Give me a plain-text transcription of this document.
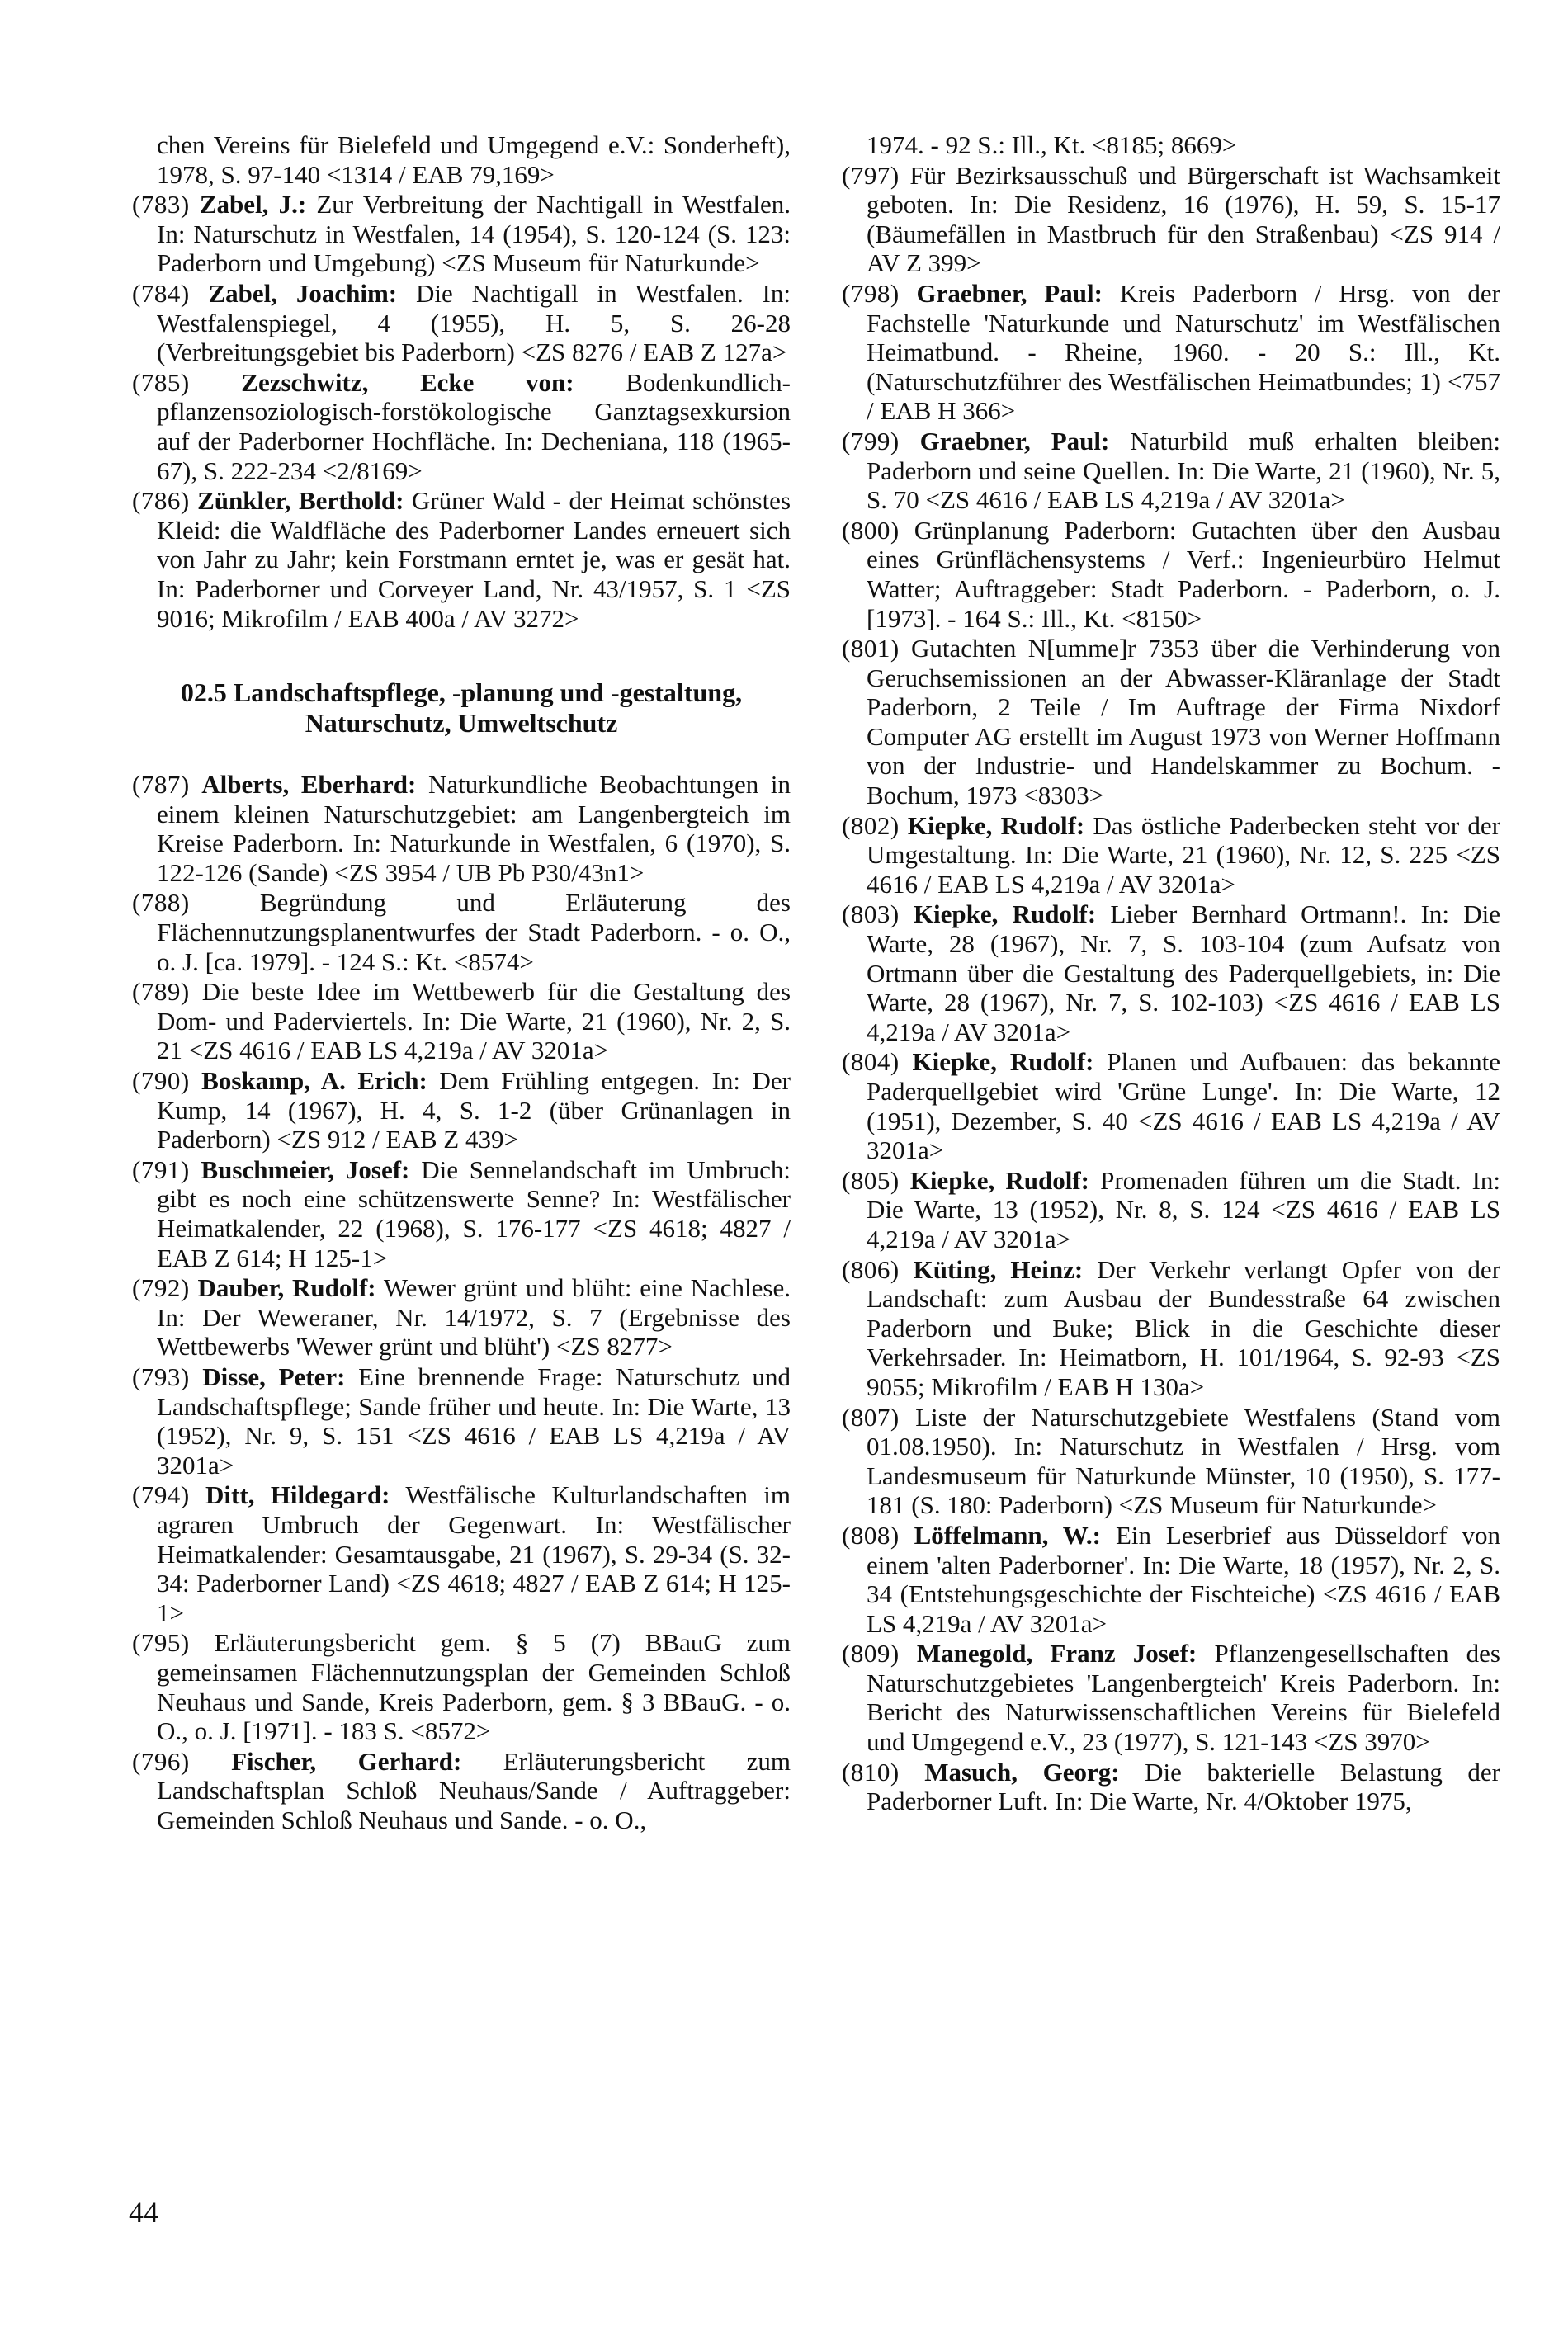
chen Vereins für Bielefeld und Umgegend e.V.: Sonderheft), 1978, S. 97-140 <1314 / EAB 79,169>

(783) Zabel, J.: Zur Verbreitung der Nachtigall in Westfalen. In: Naturschutz in Westfalen, 14 (1954), S. 120-124 (S. 123: Paderborn und Umgebung) <ZS Museum für Naturkunde>

(784) Zabel, Joachim: Die Nachtigall in Westfalen. In: Westfalenspiegel, 4 (1955), H. 5, S. 26-28 (Verbreitungsgebiet bis Paderborn) <ZS 8276 / EAB Z 127a>

(785) Zezschwitz, Ecke von: Bodenkundlich-pflanzensoziologisch-forstökologische Ganztagsexkursion auf der Paderborner Hochfläche. In: Decheniana, 118 (1965-67), S. 222-234 <2/8169>

(786) Zünkler, Berthold: Grüner Wald - der Heimat schönstes Kleid: die Waldfläche des Paderborner Landes erneuert sich von Jahr zu Jahr; kein Forstmann erntet je, was er gesät hat. In: Paderborner und Corveyer Land, Nr. 43/1957, S. 1 <ZS 9016; Mikrofilm / EAB 400a / AV 3272>

02.5 Landschaftspflege, -planung und -gestaltung,
Naturschutz, Umweltschutz

(787) Alberts, Eberhard: Naturkundliche Beobachtungen in einem kleinen Naturschutzgebiet: am Langenbergteich im Kreise Paderborn. In: Naturkunde in Westfalen, 6 (1970), S. 122-126 (Sande) <ZS 3954 / UB Pb P30/43n1>

(788)	Begründung und Erläuterung des Flächennutzungsplanentwurfes der Stadt Paderborn. - o. O., o. J. [ca. 1979]. - 124 S.: Kt. <8574>

(789) Die beste Idee im Wettbewerb für die Gestaltung des Dom- und Paderviertels. In: Die Warte, 21 (1960), Nr. 2, S. 21 <ZS 4616 / EAB LS 4,219a / AV 3201a>

(790) Boskamp, A. Erich: Dem Frühling entgegen. In: Der Kump, 14 (1967), H. 4, S. 1-2 (über Grünanlagen in Paderborn) <ZS 912 / EAB Z 439>

(791) Buschmeier, Josef: Die Sennelandschaft im Umbruch: gibt es noch eine schützenswerte Senne? In: Westfälischer Heimatkalender, 22 (1968), S. 176-177 <ZS 4618; 4827 / EAB Z 614; H 125-1>

(792) Dauber, Rudolf: Wewer grünt und blüht: eine Nachlese. In: Der Weweraner, Nr. 14/1972, S. 7 (Ergebnisse des Wettbewerbs 'Wewer grünt und blüht') <ZS 8277>

(793) Disse, Peter: Eine brennende Frage: Naturschutz und Landschaftspflege; Sande früher und heute. In: Die Warte, 13 (1952), Nr. 9, S. 151 <ZS 4616 / EAB LS 4,219a / AV 3201a>

(794) Ditt, Hildegard: Westfälische Kulturlandschaften im agraren Umbruch der Gegenwart. In: Westfälischer Heimatkalender: Gesamtausgabe, 21 (1967), S. 29-34 (S. 32-34: Paderborner Land) <ZS 4618; 4827 / EAB Z 614; H 125-1>

(795) Erläuterungsbericht gem. § 5 (7) BBauG zum gemeinsamen Flächennutzungsplan der Gemeinden Schloß Neuhaus und Sande, Kreis Paderborn, gem. § 3 BBauG. - o. O., o. J. [1971]. - 183 S. <8572>

(796) Fischer, Gerhard: Erläuterungsbericht zum Landschaftsplan Schloß Neuhaus/Sande / Auftraggeber: Gemeinden Schloß Neuhaus und Sande. - o. O.,

1974. - 92 S.: Ill., Kt. <8185; 8669>

(797) Für Bezirksausschuß und Bürgerschaft ist Wachsamkeit geboten. In: Die Residenz, 16 (1976), H. 59, S. 15-17 (Bäumefällen in Mastbruch für den Straßenbau) <ZS 914 / AV Z 399>

(798) Graebner, Paul: Kreis Paderborn / Hrsg. von der Fachstelle 'Naturkunde und Naturschutz' im Westfälischen Heimatbund. - Rheine, 1960. - 20 S.: Ill., Kt. (Naturschutzführer des Westfälischen Heimatbundes; 1) <757 / EAB H 366>

(799) Graebner, Paul: Naturbild muß erhalten bleiben: Paderborn und seine Quellen. In: Die Warte, 21 (1960), Nr. 5, S. 70 <ZS 4616 / EAB LS 4,219a / AV 3201a>

(800) Grünplanung Paderborn: Gutachten über den Ausbau eines Grünflächensystems / Verf.: Ingenieurbüro Helmut Watter; Auftraggeber: Stadt Paderborn. - Paderborn, o. J. [1973]. - 164 S.: Ill., Kt. <8150>

(801) Gutachten N[umme]r 7353 über die Verhinderung von Geruchsemissionen an der Abwasser-Kläranlage der Stadt Paderborn, 2 Teile / Im Auftrage der Firma Nixdorf Computer AG erstellt im August 1973 von Werner Hoffmann von der Industrie- und Handelskammer zu Bochum. - Bochum, 1973 <8303>

(802) Kiepke, Rudolf: Das östliche Paderbecken steht vor der Umgestaltung. In: Die Warte, 21 (1960), Nr. 12, S. 225 <ZS 4616 / EAB LS 4,219a / AV 3201a>

(803) Kiepke, Rudolf: Lieber Bernhard Ortmann!. In: Die Warte, 28 (1967), Nr. 7, S. 103-104 (zum Aufsatz von Ortmann über die Gestaltung des Paderquellgebiets, in: Die Warte, 28 (1967), Nr. 7, S. 102-103) <ZS 4616 / EAB LS 4,219a / AV 3201a>

(804) Kiepke, Rudolf: Planen und Aufbauen: das bekannte Paderquellgebiet wird 'Grüne Lunge'. In: Die Warte, 12 (1951), Dezember, S. 40 <ZS 4616 / EAB LS 4,219a / AV 3201a>

(805) Kiepke, Rudolf: Promenaden führen um die Stadt. In: Die Warte, 13 (1952), Nr. 8, S. 124 <ZS 4616 / EAB LS 4,219a / AV 3201a>

(806) Küting, Heinz: Der Verkehr verlangt Opfer von der Landschaft: zum Ausbau der Bundesstraße 64 zwischen Paderborn und Buke; Blick in die Geschichte dieser Verkehrsader. In: Heimatborn, H. 101/1964, S. 92-93 <ZS 9055; Mikrofilm / EAB H 130a>

(807) Liste der Naturschutzgebiete Westfalens (Stand vom 01.08.1950). In: Naturschutz in Westfalen / Hrsg. vom Landesmuseum für Naturkunde Münster, 10 (1950), S. 177-181 (S. 180: Paderborn) <ZS Museum für Naturkunde>

(808) Löffelmann, W.: Ein Leserbrief aus Düsseldorf von einem 'alten Paderborner'. In: Die Warte, 18 (1957), Nr. 2, S. 34 (Entstehungsgeschichte der Fischteiche) <ZS 4616 / EAB LS 4,219a / AV 3201a>

(809) Manegold, Franz Josef: Pflanzengesellschaften des Naturschutzgebietes 'Langenbergteich' Kreis Paderborn. In: Bericht des Naturwissenschaftlichen Vereins für Bielefeld und Umgegend e.V., 23 (1977), S. 121-143 <ZS 3970>

(810) Masuch, Georg: Die bakterielle Belastung der Paderborner Luft. In: Die Warte, Nr. 4/Oktober 1975,

44
